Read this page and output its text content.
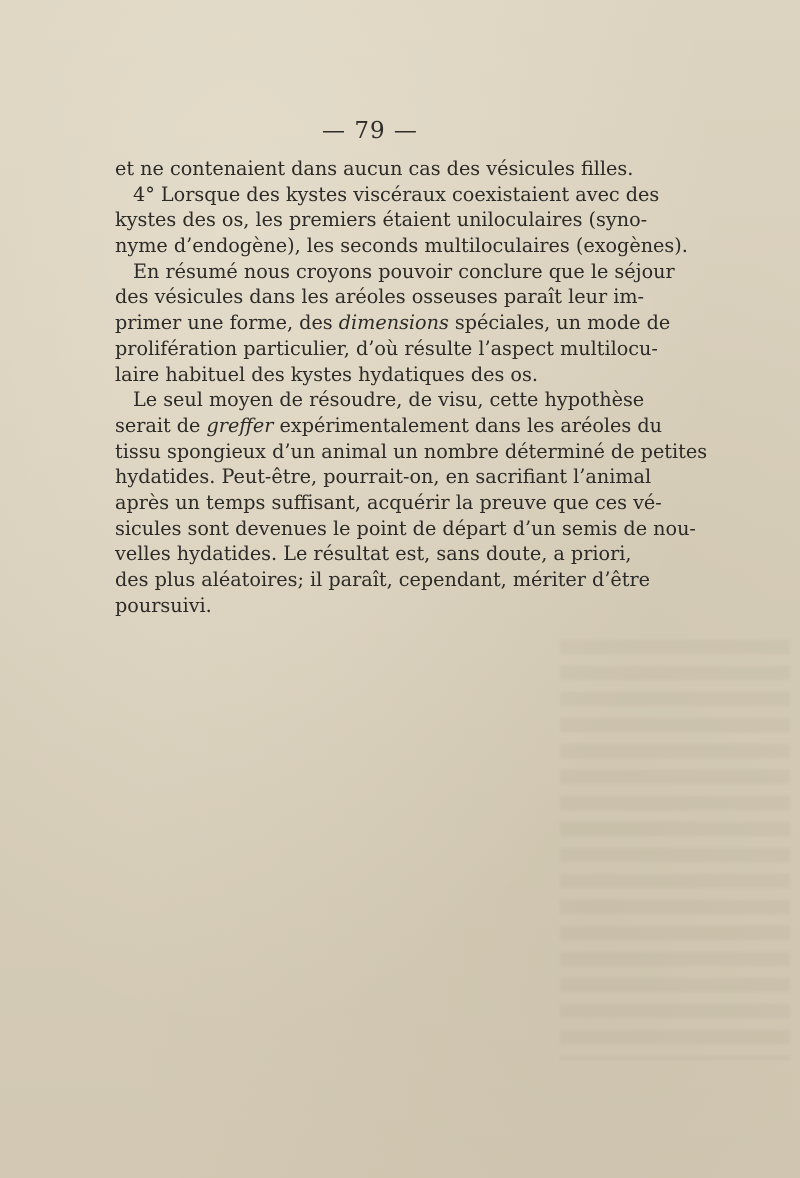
— 79 —
et ne contenaient dans aucun cas des vésicules filles.
4° Lorsque des kystes viscéraux coexistaient avec des
kystes des os, les premiers étaient uniloculaires (syno-
nyme d’endogène), les seconds multiloculaires (exogènes).
En résumé nous croyons pouvoir conclure que le séjour
des vésicules dans les aréoles osseuses paraît leur im-
primer une forme, des dimensions spéciales, un mode de
prolifération particulier, d’où résulte l’aspect multilocu-
laire habituel des kystes hydatiques des os.
Le seul moyen de résoudre, de visu, cette hypothèse
serait de greffer expérimentalement dans les aréoles du
tissu spongieux d’un animal un nombre déterminé de petites
hydatides. Peut-être, pourrait-on, en sacrifiant l’animal
après un temps suffisant, acquérir la preuve que ces vé-
sicules sont devenues le point de départ d’un semis de nou-
velles hydatides. Le résultat est, sans doute, a priori,
des plus aléatoires; il paraît, cependant, mériter d’être
poursuivi.
